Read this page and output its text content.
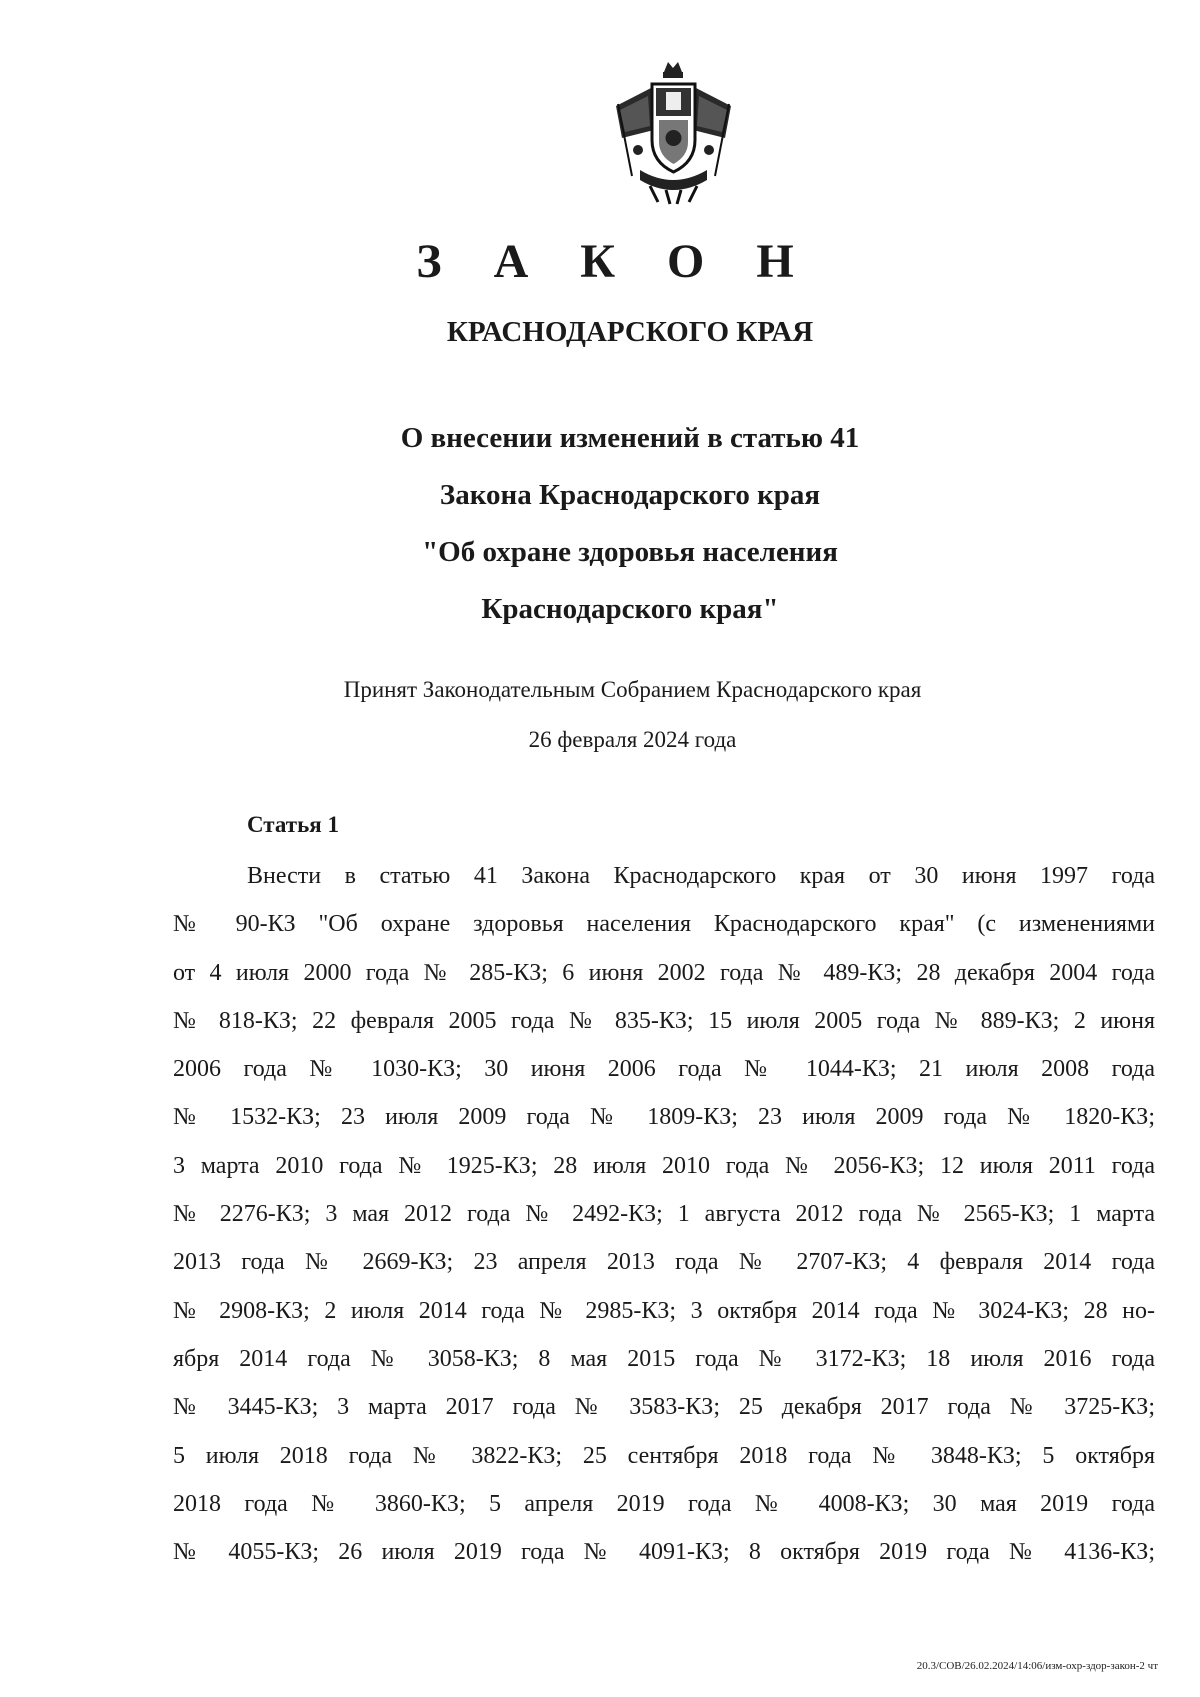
З А К О Н
КРАСНОДАРСКОГО КРАЯ
О внесении изменений в статью 41
Закона Краснодарского края
"Об охране здоровья населения
Краснодарского края"
Принят Законодательным Собранием Краснодарского края
26 февраля 2024 года
Статья 1
Внести в статью 41 Закона Краснодарского края от 30 июня 1997 года
№ 90-КЗ "Об охране здоровья населения Краснодарского края" (с изменениями
от 4 июля 2000 года № 285-КЗ; 6 июня 2002 года № 489-КЗ; 28 декабря 2004 года
№ 818-КЗ; 22 февраля 2005 года № 835-КЗ; 15 июля 2005 года № 889-КЗ; 2 июня
2006 года № 1030-КЗ; 30 июня 2006 года № 1044-КЗ; 21 июля 2008 года
№ 1532-КЗ; 23 июля 2009 года № 1809-КЗ; 23 июля 2009 года № 1820-КЗ;
3 марта 2010 года № 1925-КЗ; 28 июля 2010 года № 2056-КЗ; 12 июля 2011 года
№ 2276-КЗ; 3 мая 2012 года № 2492-КЗ; 1 августа 2012 года № 2565-КЗ; 1 марта
2013 года № 2669-КЗ; 23 апреля 2013 года № 2707-КЗ; 4 февраля 2014 года
№ 2908-КЗ; 2 июля 2014 года № 2985-КЗ; 3 октября 2014 года № 3024-КЗ; 28 но-
ября 2014 года № 3058-КЗ; 8 мая 2015 года № 3172-КЗ; 18 июля 2016 года
№ 3445-КЗ; 3 марта 2017 года № 3583-КЗ; 25 декабря 2017 года № 3725-КЗ;
5 июля 2018 года № 3822-КЗ; 25 сентября 2018 года № 3848-КЗ; 5 октября
2018 года № 3860-КЗ; 5 апреля 2019 года № 4008-КЗ; 30 мая 2019 года
№ 4055-КЗ; 26 июля 2019 года № 4091-КЗ; 8 октября 2019 года № 4136-КЗ;
20.3/СОВ/26.02.2024/14:06/изм-охр-здор-закон-2 чт
